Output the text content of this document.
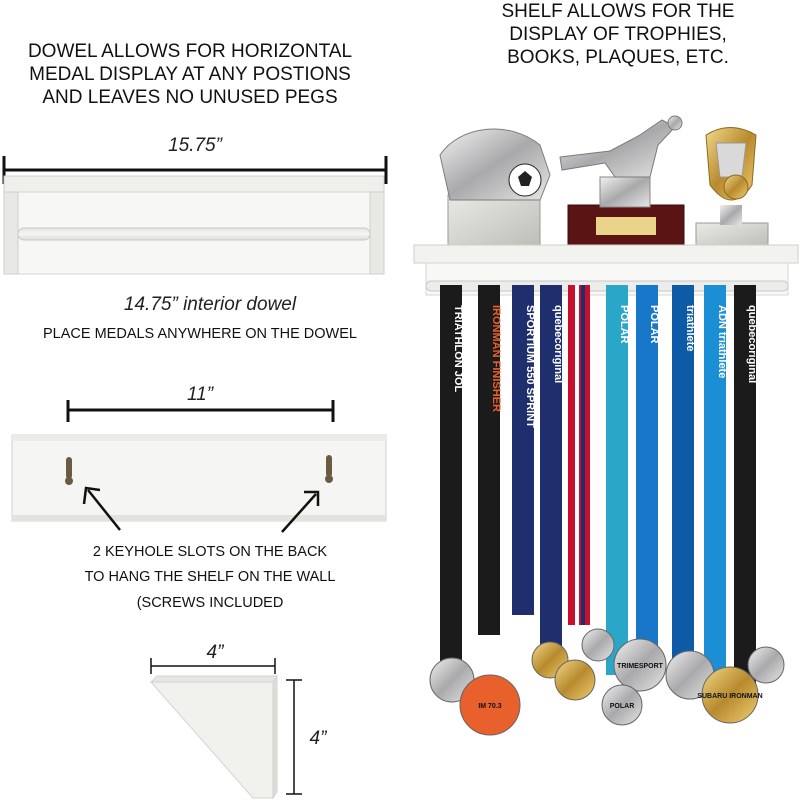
DOWEL ALLOWS FOR HORIZONTAL
MEDAL DISPLAY AT ANY POSTIONS
AND LEAVES NO UNUSED PEGS
SHELF ALLOWS FOR THE
DISPLAY OF TROPHIES,
BOOKS, PLAQUES, ETC.
15.75”
14.75” interior dowel
PLACE MEDALS ANYWHERE ON THE DOWEL
11”
2 KEYHOLE SLOTS ON THE BACK
TO HANG THE SHELF ON THE WALL
(SCREWS INCLUDED
4”
4”
TRIATHLON JOL IRONMAN FINISHER SPORTIUM 550 SPRINT quebecoriginal	POLAR POLAR triathlete ADN triathlete quebecoriginal
IM 70.3
TRIMESPORT
POLAR
SUBARU IRONMAN
